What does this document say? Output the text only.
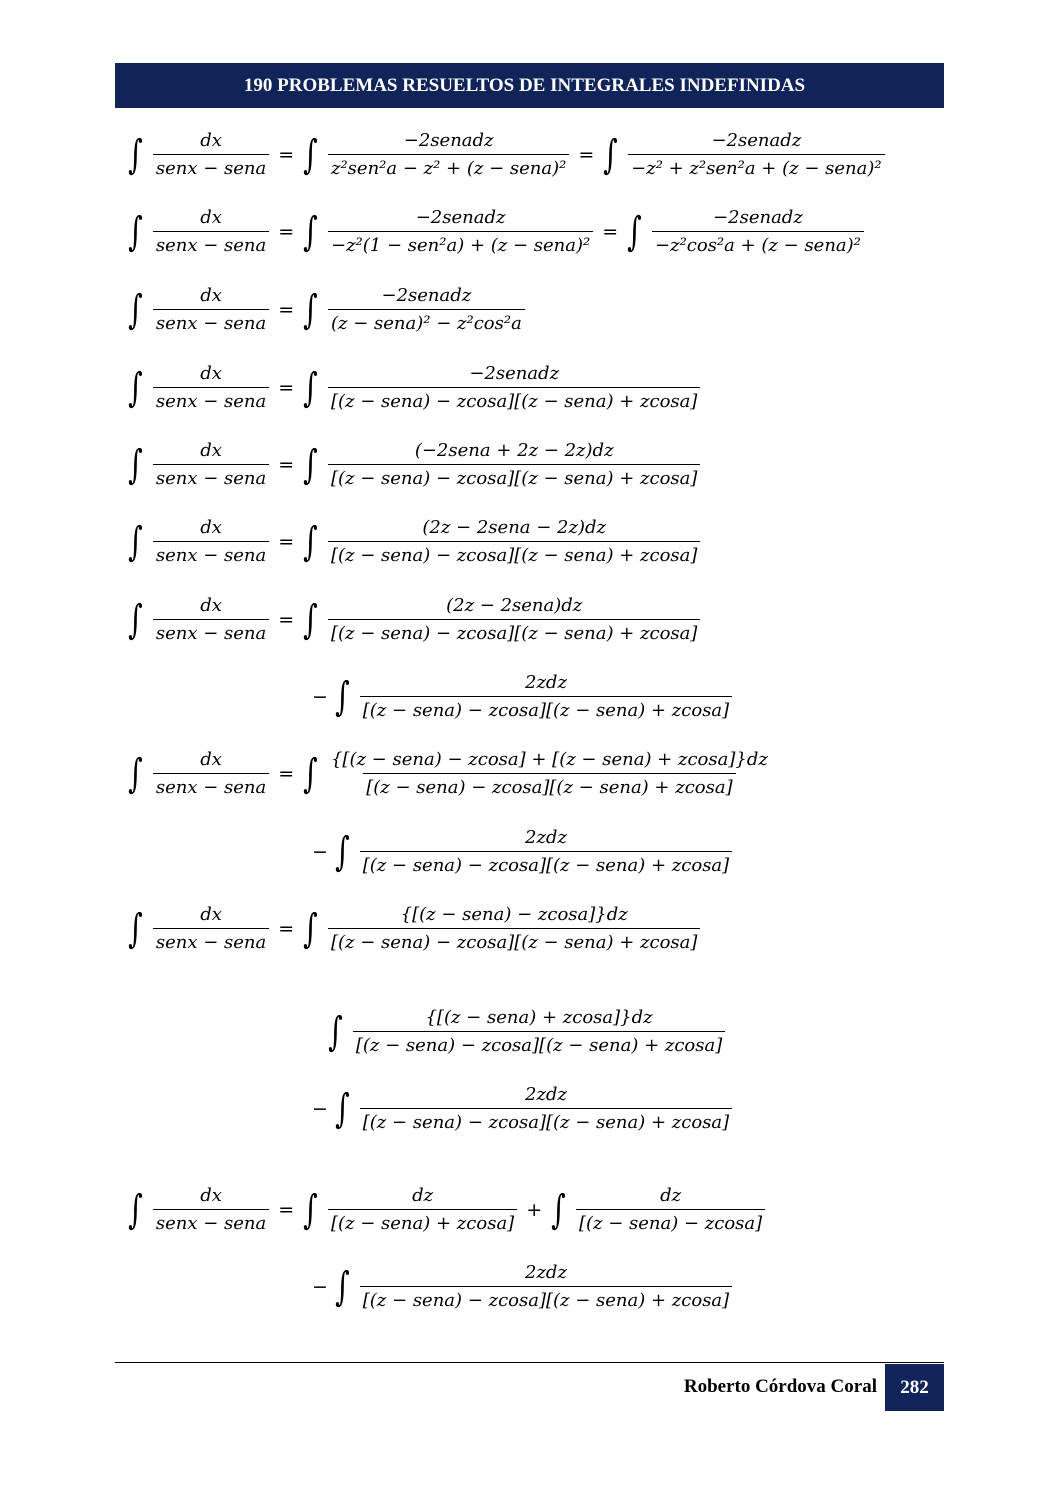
190 PROBLEMAS RESUELTOS DE INTEGRALES INDEFINIDAS
∫ $\frac{dx}{\text{senx − sena}}$ = ∫ $\frac{\text{−2senadz}}{\text{z²sen²a − z² + (z − sena)²}}$ = ∫ $\frac{\text{−2senadz}}{\text{−z² + z²sen²a + (z − sena)²}}$
∫ $\frac{dx}{\text{senx − sena}}$ = ∫ $\frac{\text{−2senadz}}{\text{−z²(1 − sen²a) + (z − sena)²}}$ = ∫ $\frac{\text{−2senadz}}{\text{−z²cos²a + (z − sena)²}}$
∫ $\frac{dx}{\text{senx − sena}}$ = ∫ $\frac{\text{−2senadz}}{\text{(z − sena)² − z²cos²a}}$
∫ $\frac{dx}{\text{senx − sena}}$ = ∫ $\frac{\text{−2senadz}}{\text{[(z − sena) − zcosa][(z − sena) + zcosa]}}$
∫ $\frac{dx}{\text{senx − sena}}$ = ∫ $\frac{\text{(−2sena + 2z − 2z)dz}}{\text{[(z − sena) − zcosa][(z − sena) + zcosa]}}$
∫ $\frac{dx}{\text{senx − sena}}$ = ∫ $\frac{\text{(2z − 2sena − 2z)dz}}{\text{[(z − sena) − zcosa][(z − sena) + zcosa]}}$
∫ $\frac{dx}{\text{senx − sena}}$ = ∫ $\frac{\text{(2z − 2sena)dz}}{\text{[(z − sena) − zcosa][(z − sena) + zcosa]}}$
− ∫ $\frac{\text{2zdz}}{\text{[(z − sena) − zcosa][(z − sena) + zcosa]}}$
∫ $\frac{dx}{\text{senx − sena}}$ = ∫ $\frac{\text{\{[(z − sena) − zcosa] + [(z − sena) + zcosa]\}dz}}{\text{[(z − sena) − zcosa][(z − sena) + zcosa]}}$
− ∫ $\frac{\text{2zdz}}{\text{[(z − sena) − zcosa][(z − sena) + zcosa]}}$
∫ $\frac{dx}{\text{senx − sena}}$ = ∫ $\frac{\text{\{[(z − sena) − zcosa]\}dz}}{\text{[(z − sena) − zcosa][(z − sena) + zcosa]}}$
∫ $\frac{\text{\{[(z − sena) + zcosa]\}dz}}{\text{[(z − sena) − zcosa][(z − sena) + zcosa]}}$
− ∫ $\frac{\text{2zdz}}{\text{[(z − sena) − zcosa][(z − sena) + zcosa]}}$
∫ $\frac{dx}{\text{senx − sena}}$ = ∫ $\frac{dz}{\text{[(z − sena) + zcosa]}}$ + ∫ $\frac{dz}{\text{[(z − sena) − zcosa]}}$
− ∫ $\frac{\text{2zdz}}{\text{[(z − sena) − zcosa][(z − sena) + zcosa]}}$
Roberto Córdova Coral	282
